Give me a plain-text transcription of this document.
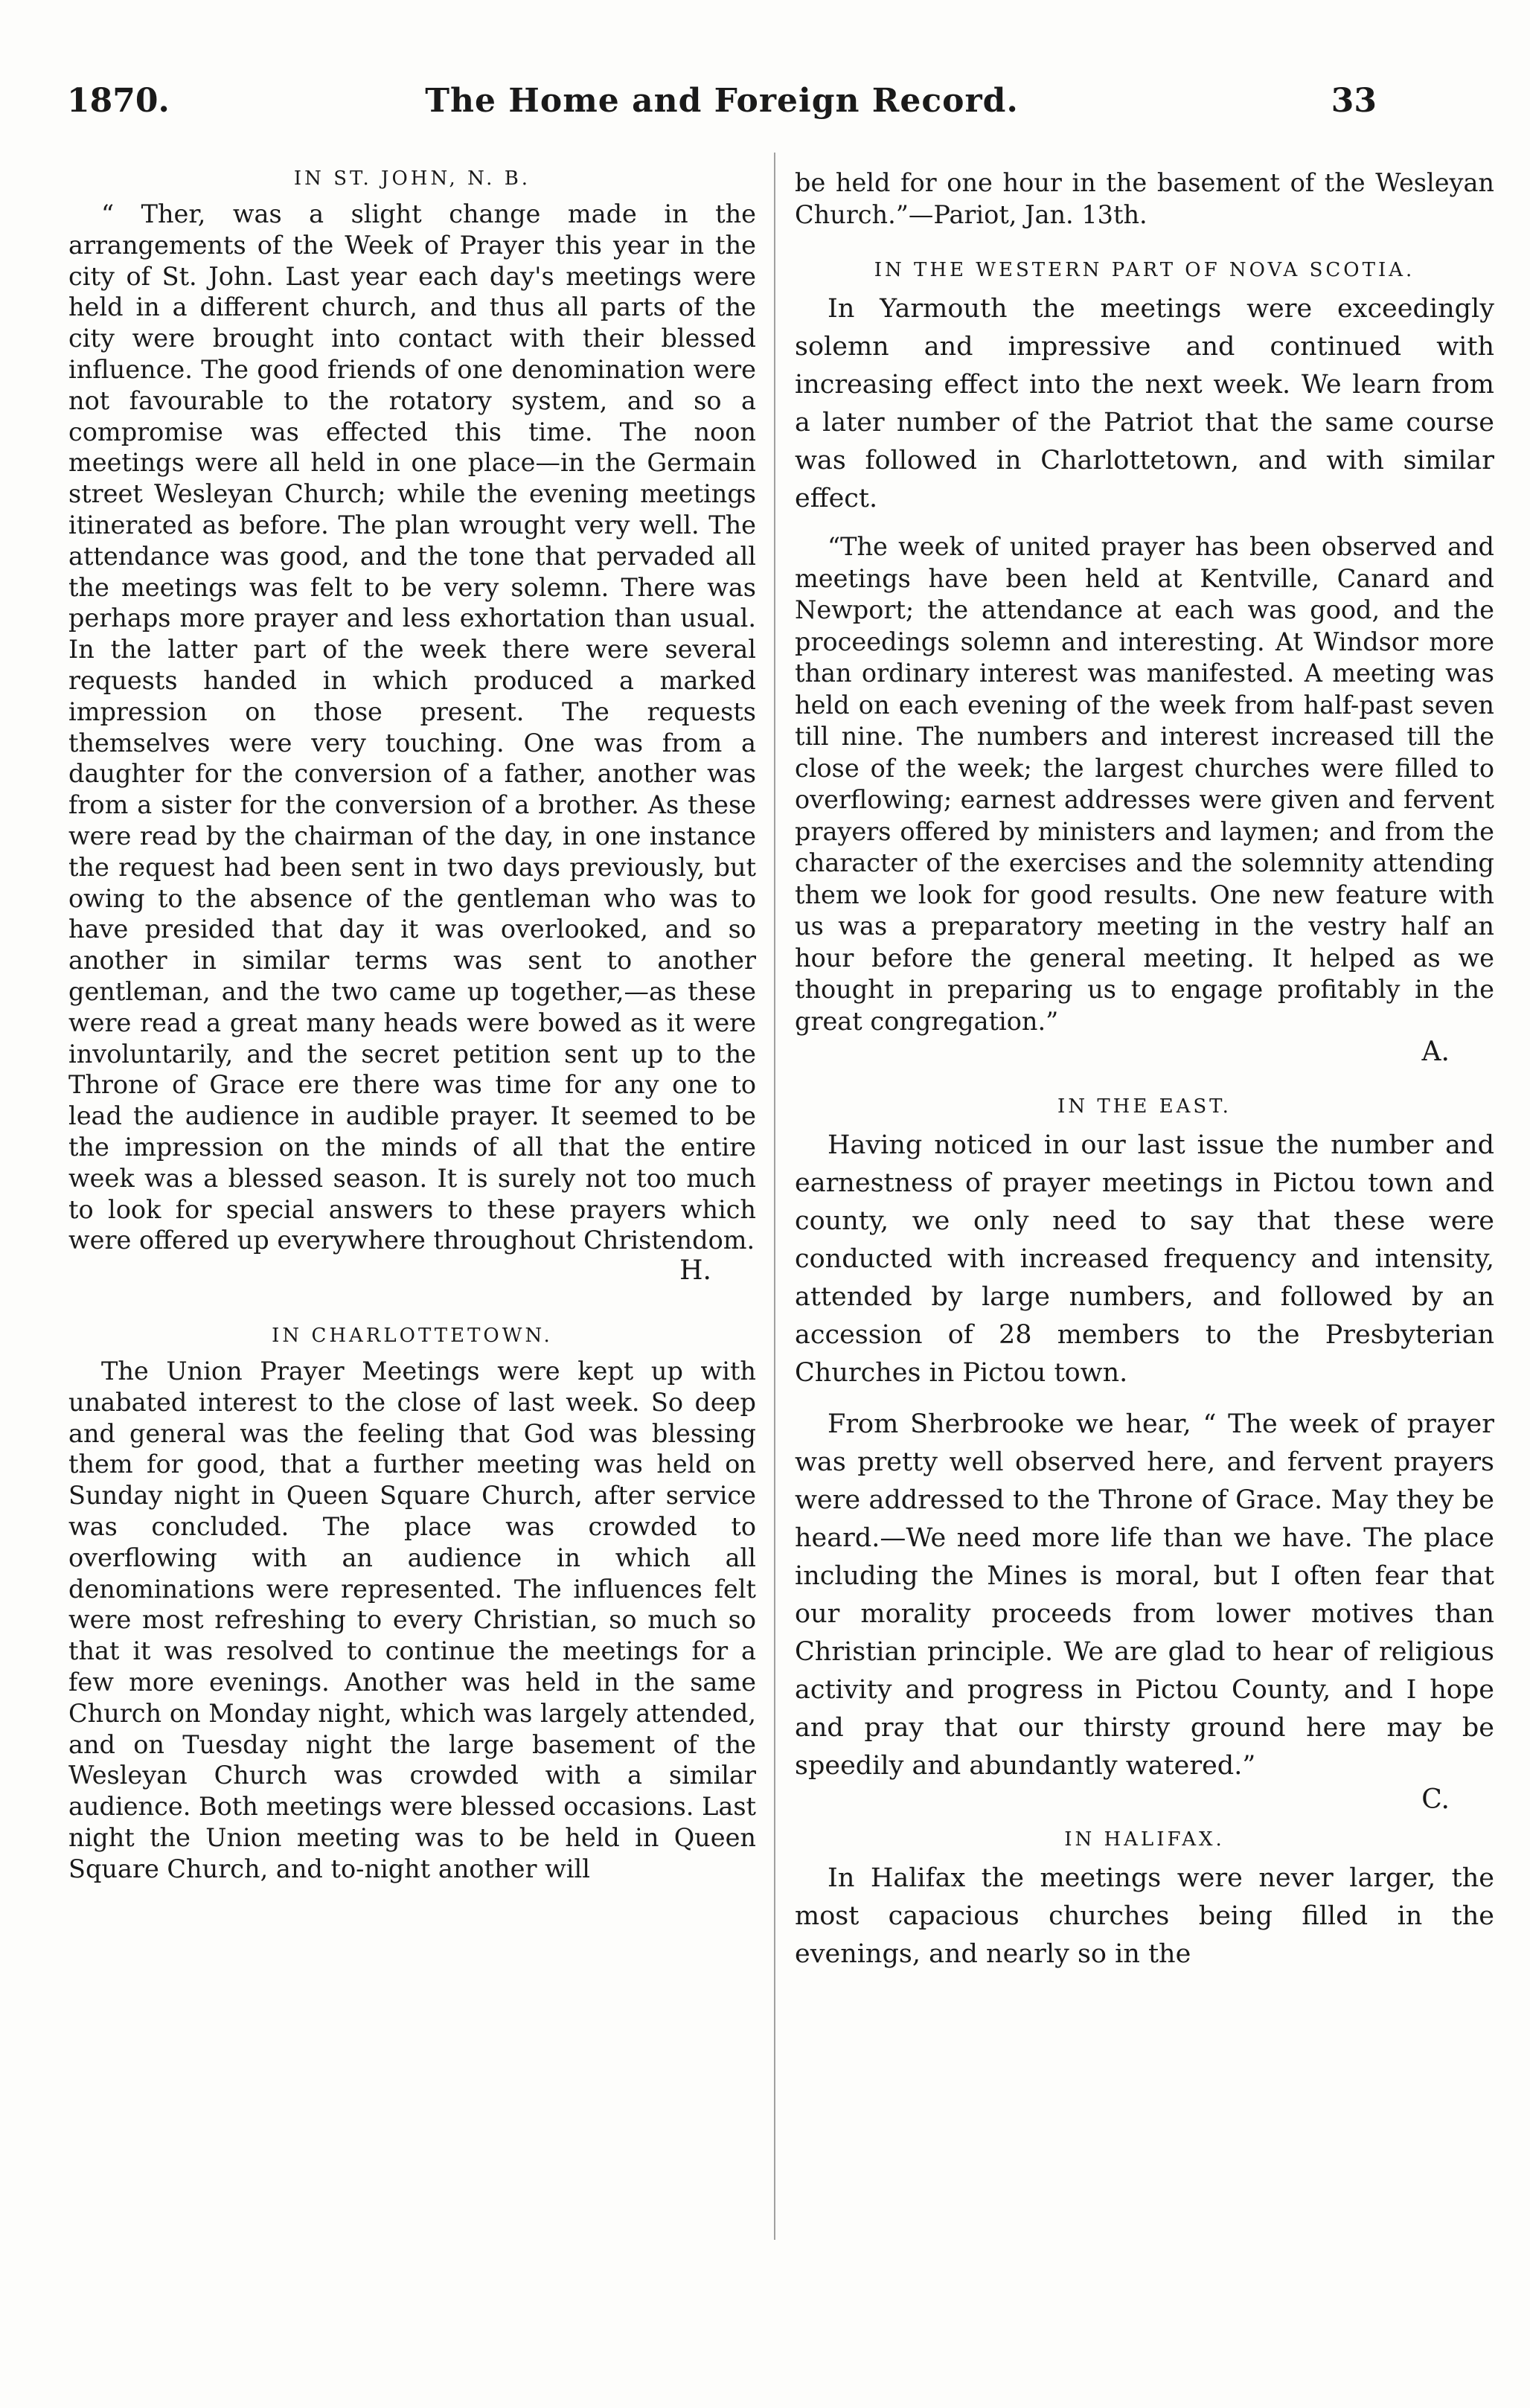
1870.	The Home and Foreign Record.	33
IN ST. JOHN, N. B.

“ Ther, was a slight change made in the arrangements of the Week of Prayer this year in the city of St. John. Last year each day's meetings were held in a different church, and thus all parts of the city were brought into contact with their blessed influence. The good friends of one denomination were not favourable to the rotatory system, and so a compromise was effected this time. The noon meetings were all held in one place—in the Germain street Wesleyan Church; while the evening meetings itinerated as before. The plan wrought very well. The attendance was good, and the tone that pervaded all the meetings was felt to be very solemn. There was perhaps more prayer and less exhortation than usual. In the latter part of the week there were several requests handed in which produced a marked impression on those present. The requests themselves were very touching. One was from a daughter for the conversion of a father, another was from a sister for the conversion of a brother. As these were read by the chairman of the day, in one instance the request had been sent in two days previously, but owing to the absence of the gentleman who was to have presided that day it was overlooked, and so another in similar terms was sent to another gentleman, and the two came up together,—as these were read a great many heads were bowed as it were involuntarily, and the secret petition sent up to the Throne of Grace ere there was time for any one to lead the audience in audible prayer. It seemed to be the impression on the minds of all that the entire week was a blessed season. It is surely not too much to look for special answers to these prayers which were offered up everywhere throughout Christendom.

H.
IN CHARLOTTETOWN.

The Union Prayer Meetings were kept up with unabated interest to the close of last week. So deep and general was the feeling that God was blessing them for good, that a further meeting was held on Sunday night in Queen Square Church, after service was concluded. The place was crowded to overflowing with an audience in which all denominations were represented. The influences felt were most refreshing to every Christian, so much so that it was resolved to continue the meetings for a few more evenings. Another was held in the same Church on Monday night, which was largely attended, and on Tuesday night the large basement of the Wesleyan Church was crowded with a similar audience. Both meetings were blessed occasions. Last night the Union meeting was to be held in Queen Square Church, and to-night another will

be held for one hour in the basement of the Wesleyan Church.”—Pariot, Jan. 13th.

IN THE WESTERN PART OF NOVA SCOTIA.

In Yarmouth the meetings were exceedingly solemn and impressive and continued with increasing effect into the next week. We learn from a later number of the Patriot that the same course was followed in Charlottetown, and with similar effect.

“The week of united prayer has been observed and meetings have been held at Kentville, Canard and Newport; the attendance at each was good, and the proceedings solemn and interesting. At Windsor more than ordinary interest was manifested. A meeting was held on each evening of the week from half-past seven till nine. The numbers and interest increased till the close of the week; the largest churches were filled to overflowing; earnest addresses were given and fervent prayers offered by ministers and laymen; and from the character of the exercises and the solemnity attending them we look for good results. One new feature with us was a preparatory meeting in the vestry half an hour before the general meeting. It helped as we thought in preparing us to engage profitably in the great congregation.”

A.
IN THE EAST.

Having noticed in our last issue the number and earnestness of prayer meetings in Pictou town and county, we only need to say that these were conducted with increased frequency and intensity, attended by large numbers, and followed by an accession of 28 members to the Presbyterian Churches in Pictou town.

From Sherbrooke we hear, “ The week of prayer was pretty well observed here, and fervent prayers were addressed to the Throne of Grace. May they be heard.—We need more life than we have. The place including the Mines is moral, but I often fear that our morality proceeds from lower motives than Christian principle. We are glad to hear of religious activity and progress in Pictou County, and I hope and pray that our thirsty ground here may be speedily and abundantly watered.”

C.
IN HALIFAX.

In Halifax the meetings were never larger, the most capacious churches being filled in the evenings, and nearly so in the
